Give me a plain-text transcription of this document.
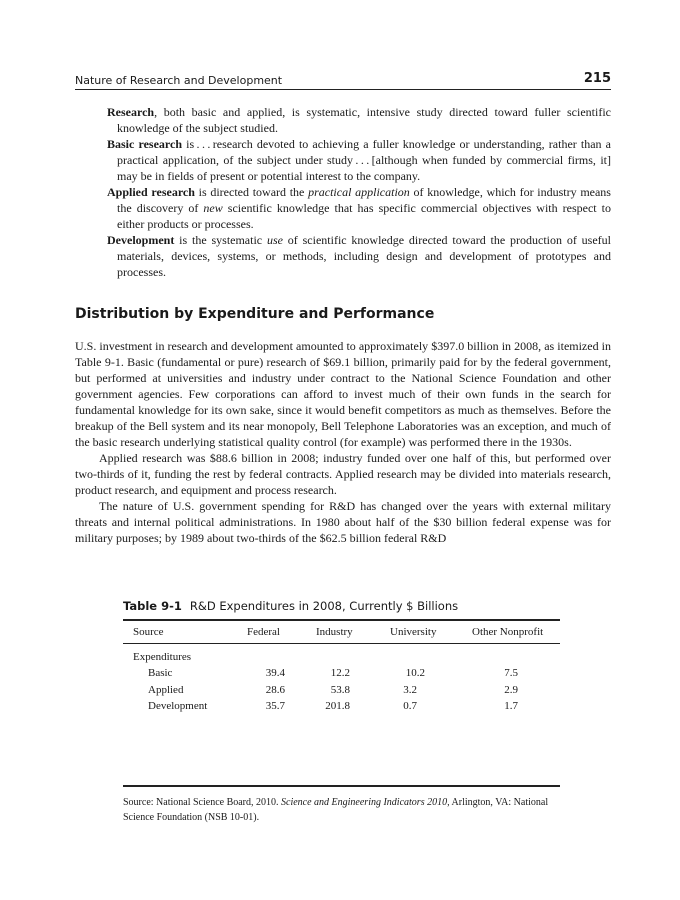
Nature of Research and Development	215

Research, both basic and applied, is systematic, intensive study directed toward fuller scientific knowledge of the subject studied.

Basic research is . . . research devoted to achieving a fuller knowledge or understanding, rather than a practical application, of the subject under study . . . [although when funded by commercial firms, it] may be in fields of present or potential interest to the company.

Applied research is directed toward the practical application of knowledge, which for industry means the discovery of new scientific knowledge that has specific commercial objectives with respect to either products or processes.

Development is the systematic use of scientific knowledge directed toward the production of useful materials, devices, systems, or methods, including design and development of prototypes and processes.

Distribution by Expenditure and Performance

U.S. investment in research and development amounted to approximately $397.0 billion in 2008, as itemized in Table 9-1. Basic (fundamental or pure) research of $69.1 billion, primarily paid for by the federal government, but performed at universities and industry under contract to the National Science Foundation and other government agencies. Few corporations can afford to invest much of their own funds in the search for fundamental knowledge for its own sake, since it would benefit competitors as much as themselves. Before the breakup of the Bell system and its near monopoly, Bell Telephone Laboratories was an exception, and much of the basic research underlying statistical quality control (for example) was performed there in the 1930s.

Applied research was $88.6 billion in 2008; industry funded over one half of this, but performed over two-thirds of it, funding the rest by federal contracts. Applied research may be divided into materials research, product research, and equipment and process research.

The nature of U.S. government spending for R&D has changed over the years with external military threats and internal political administrations. In 1980 about half of the $30 billion federal expense was for military purposes; by 1989 about two-thirds of the $62.5 billion federal R&D

Table 9-1 R&D Expenditures in 2008, Currently $ Billions
Source	Federal	Industry	University	Other Nonprofit
Expenditures
Basic	39.4	12.2	10.2	7.5
Applied	28.6	53.8	3.2	2.9
Development	35.7	201.8	0.7	1.7
Source: National Science Board, 2010. Science and Engineering Indicators 2010, Arlington, VA: National Science Foundation (NSB 10-01).
